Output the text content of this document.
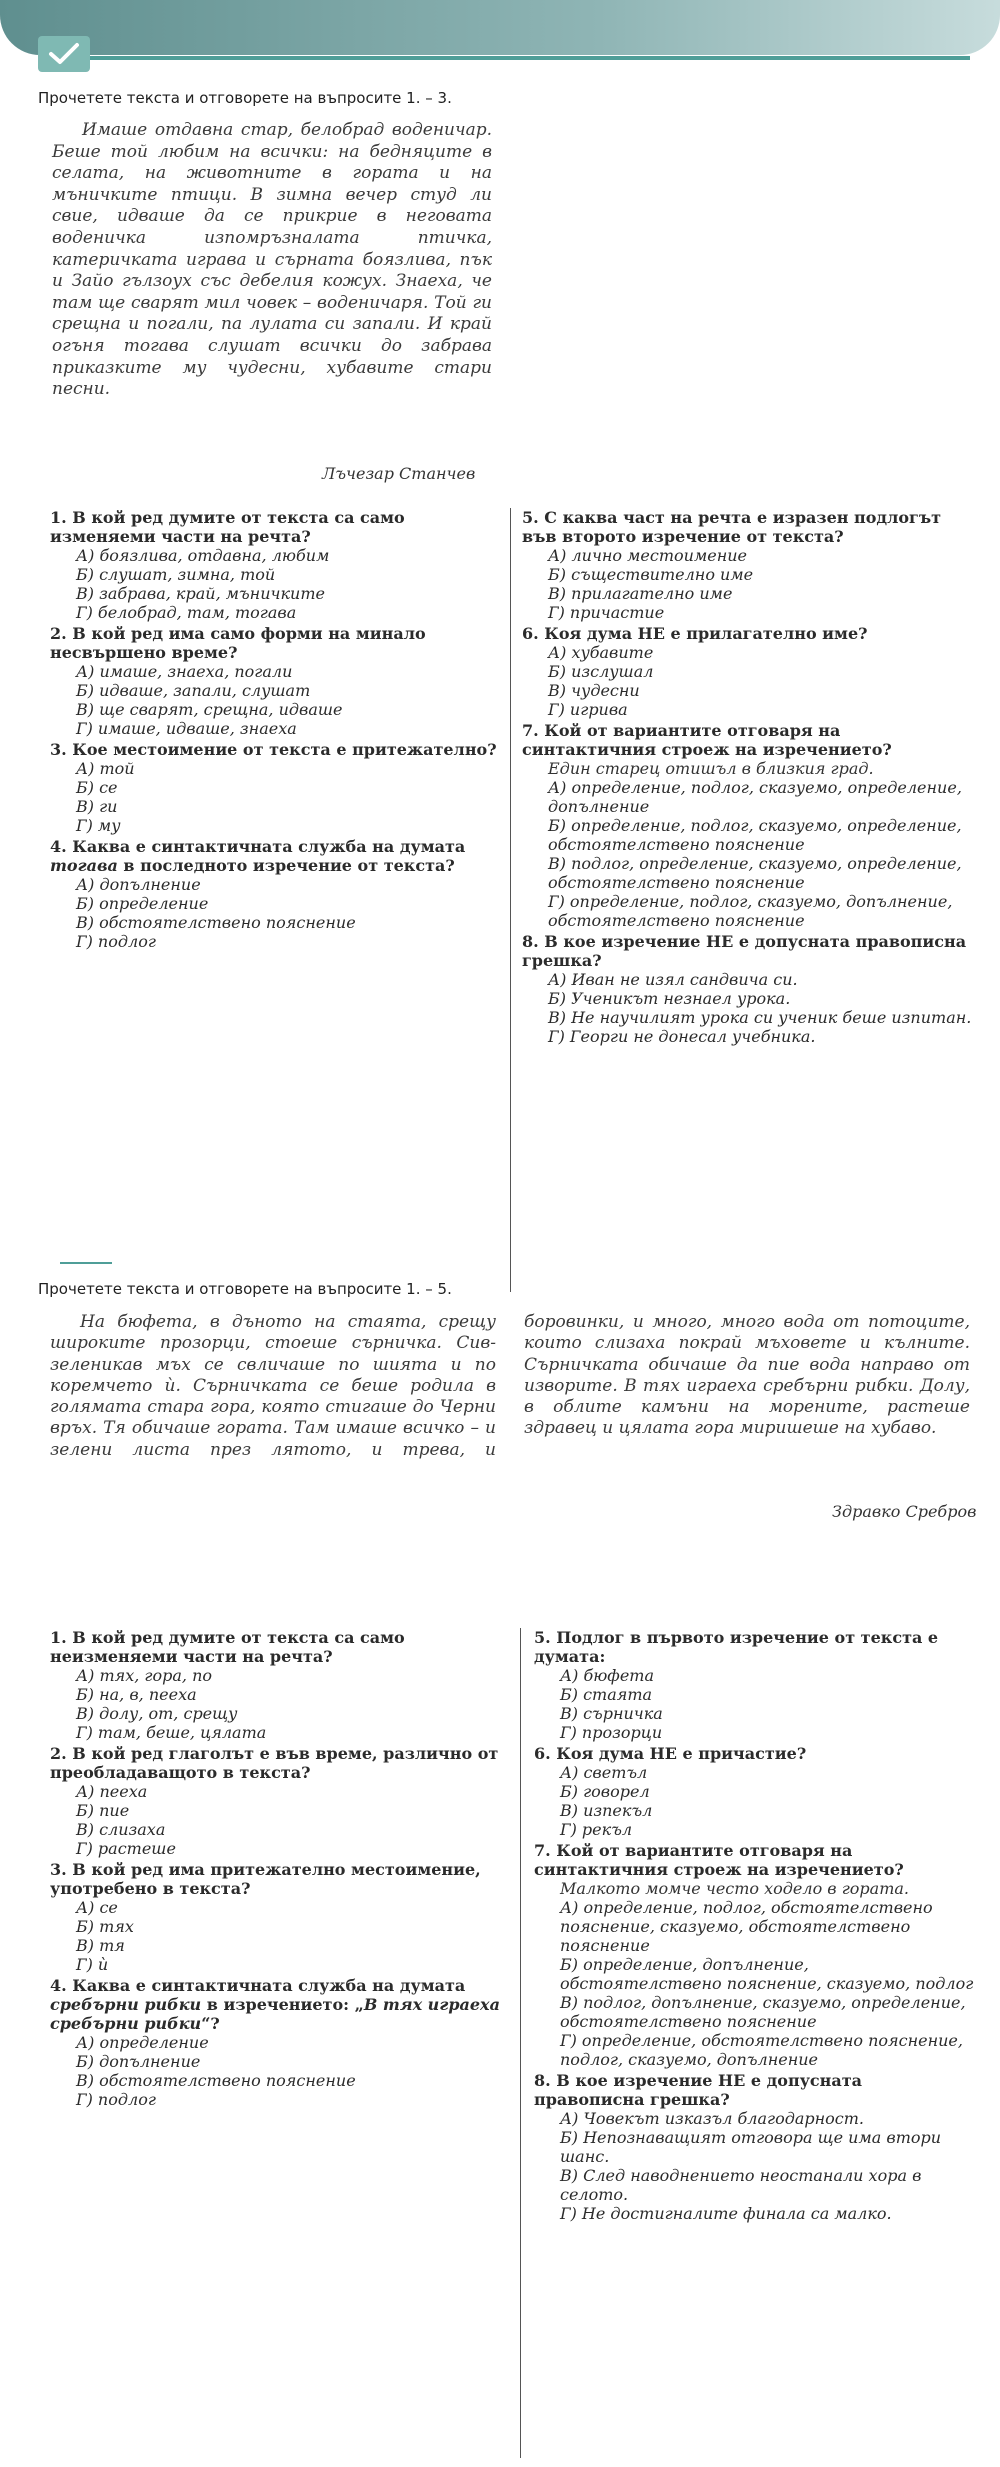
Прочетете текста и отговорете на въпросите 1. – 3.

Имаше отдавна стар, белобрад воденичар. Беше той любим на всички: на бедняците в селата, на животните в гората и на мъничките птици. В зимна вечер студ ли свие, идваше да се прикрие в неговата воденичка изпомръзналата птичка, катеричката играва и сърната боязлива, пък и Зайо гълзоух със дебелия кожух. Знаеха, че там ще сварят мил човек – воденичаря. Той ги срещна и погали, па лулата си запали. И край огъня тогава слушат всички до забрава приказките му чудесни, хубавите стари песни.

Лъчезар Станчев
1. В кой ред думите от текста са само изменяеми части на речта?
А) боязлива, отдавна, любим
Б) слушат, зимна, той
В) забрава, край, мъничките
Г) белобрад, там, тогава
2. В кой ред има само форми на минало несвършено време?
А) имаше, знаеха, погали
Б) идваше, запали, слушат
В) ще сварят, срещна, идваше
Г) имаше, идваше, знаеха
3. Кое местоимение от текста е притежателно?
А) той
Б) се
В) ги
Г) му
4. Каква е синтактичната служба на думата тогава в последното изречение от текста?
А) допълнение
Б) определение
В) обстоятелствено пояснение
Г) подлог
5. С каква част на речта е изразен подлогът във второто изречение от текста?
А) лично местоимение
Б) съществително име
В) прилагателно име
Г) причастие
6. Коя дума НЕ е прилагателно име?
А) хубавите
Б) изслушал
В) чудесни
Г) игрива
7. Кой от вариантите отговаря на синтактичния строеж на изречението?
Един старец отишъл в близкия град.
А) определение, подлог, сказуемо, определение, допълнение
Б) определение, подлог, сказуемо, определение, обстоятелствено пояснение
В) подлог, определение, сказуемо, определение, обстоятелствено пояснение
Г) определение, подлог, сказуемо, допълнение, обстоятелствено пояснение
8. В кое изречение НЕ е допусната правописна грешка?
А) Иван не изял сандвича си.
Б) Ученикът незнаел урока.
В) Не научилият урока си ученик беше изпитан.
Г) Георги не донесал учебника.
Прочетете текста и отговорете на въпросите 1. – 5.

На бюфета, в дъното на стаята, срещу широките прозорци, стоеше сърничка. Сив-зеленикав мъх се свличаше по шията и по коремчето ѝ. Сърничката се беше родила в голямата стара гора, която стигаше до Черни връх. Тя обичаше гората. Там имаше всичко – и зелени листа през лятото, и трева, и боровинки, и много, много вода от потоците, които слизаха покрай мъховете и кълните. Сърничката обичаше да пие вода направо от изворите. В тях играеха сребърни рибки. Долу, в облите камъни на морените, растеше здравец и цялата гора миришеше на хубаво.

Здравко Сребров
1. В кой ред думите от текста са само неизменяеми части на речта?
А) тях, гора, по
Б) на, в, пееха
В) долу, от, срещу
Г) там, беше, цялата
2. В кой ред глаголът е във време, различно от преобладаващото в текста?
А) пееха
Б) пие
В) слизаха
Г) растеше
3. В кой ред има притежателно местоимение, употребено в текста?
А) се
Б) тях
В) тя
Г) ѝ
4. Каква е синтактичната служба на думата сребърни рибки в изречението: „В тях играеха сребърни рибки“?
А) определение
Б) допълнение
В) обстоятелствено пояснение
Г) подлог
5. Подлог в първото изречение от текста е думата:
А) бюфета
Б) стаята
В) сърничка
Г) прозорци
6. Коя дума НЕ е причастие?
А) светъл
Б) говорел
В) изпекъл
Г) рекъл
7. Кой от вариантите отговаря на синтактичния строеж на изречението?
Малкото момче често ходело в гората.
А) определение, подлог, обстоятелствено пояснение, сказуемо, обстоятелствено пояснение
Б) определение, допълнение, обстоятелствено пояснение, сказуемо, подлог
В) подлог, допълнение, сказуемо, определение, обстоятелствено пояснение
Г) определение, обстоятелствено пояснение, подлог, сказуемо, допълнение
8. В кое изречение НЕ е допусната правописна грешка?
А) Човекът изказъл благодарност.
Б) Непознаващият отговора ще има втори шанс.
В) След наводнението неостанали хора в селото.
Г) Не достигналите финала са малко.
